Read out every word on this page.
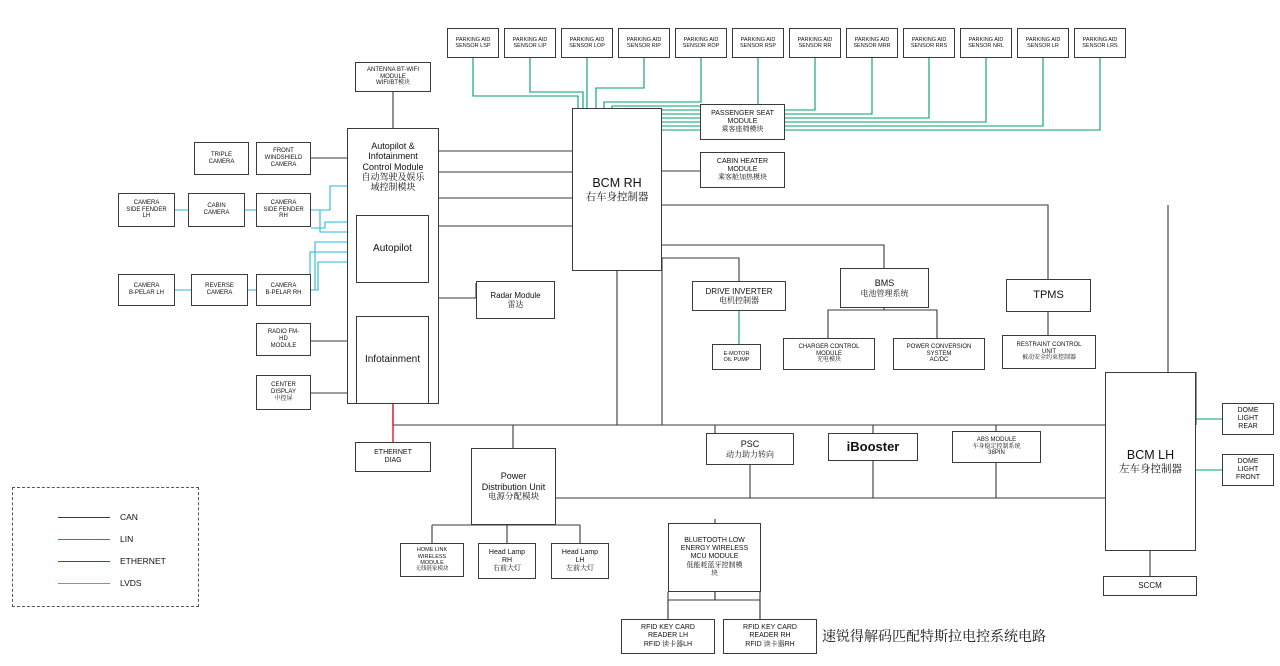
PARKING AID
SENSOR LSP
PARKING AID
SENSOR LIP
PARKING AID
SENSOR LOP
PARKING AID
SENSOR RIP
PARKING AID
SENSOR ROP
PARKING AID
SENSOR RSP
PARKING AID
SENSOR RR
PARKING AID
SENSOR MRR
PARKING AID
SENSOR RRS
PARKING AID
SENSOR NRL
PARKING AID
SENSOR LR
PARKING AID
SENSOR LRS
ANTENNA BT-WIFI
MODULE
WIFI/BT模块
TRIPLE
CAMERA
FRONT
WINDSHIELD
CAMERA
CAMERA
SIDE FENDER
LH
CABIN
CAMERA
CAMERA
SIDE FENDER
RH
CAMERA
B-PELAR LH
REVERSE
CAMERA
CAMERA
B-PELAR RH
RADIO FM-
HD
MODULE
CENTER
DISPLAY
中控屏
Autopilot &
Infotainment
Control Module
自动驾驶及娱乐
域控制模块
Autopilot
Infotainment
ETHERNET
DIAG
Radar Module
雷达
BCM RH
右车身控制器
PASSENGER SEAT
MODULE
乘客座椅模块
CABIN HEATER
MODULE
乘客舱加热模块
DRIVE INVERTER
电机控制器
E-MOTOR
OIL PUMP
BMS
电池管理系统	TPMS
CHARGER CONTROL
MODULE
充电模块
POWER CONVERSION
SYSTEM
AC/DC
RESTRAINT CONTROL
UNIT
被动安全约束控制器
PSC
动力助力转向
iBooster	ABS MODULE
车身稳定控制系统
38PIN	BCM LH
左车身控制器
SCCM
DOME
LIGHT
REAR
DOME
LIGHT
FRONT
Power
Distribution Unit
电源分配模块
HOME LINK
WIRELESS
MODULE
无线链家模块
Head Lamp
RH
右前大灯
Head Lamp
LH
左前大灯
BLUETOOTH LOW
ENERGY WIRELESS
MCU MODULE
低能耗蓝牙控制模
块
RFID KEY CARD
READER LH
RFID 读卡器LH
RFID KEY CARD
READER RH
RFID 读卡器RH
CAN
LIN
ETHERNET
LVDS
速锐得解码匹配特斯拉电控系统电路
